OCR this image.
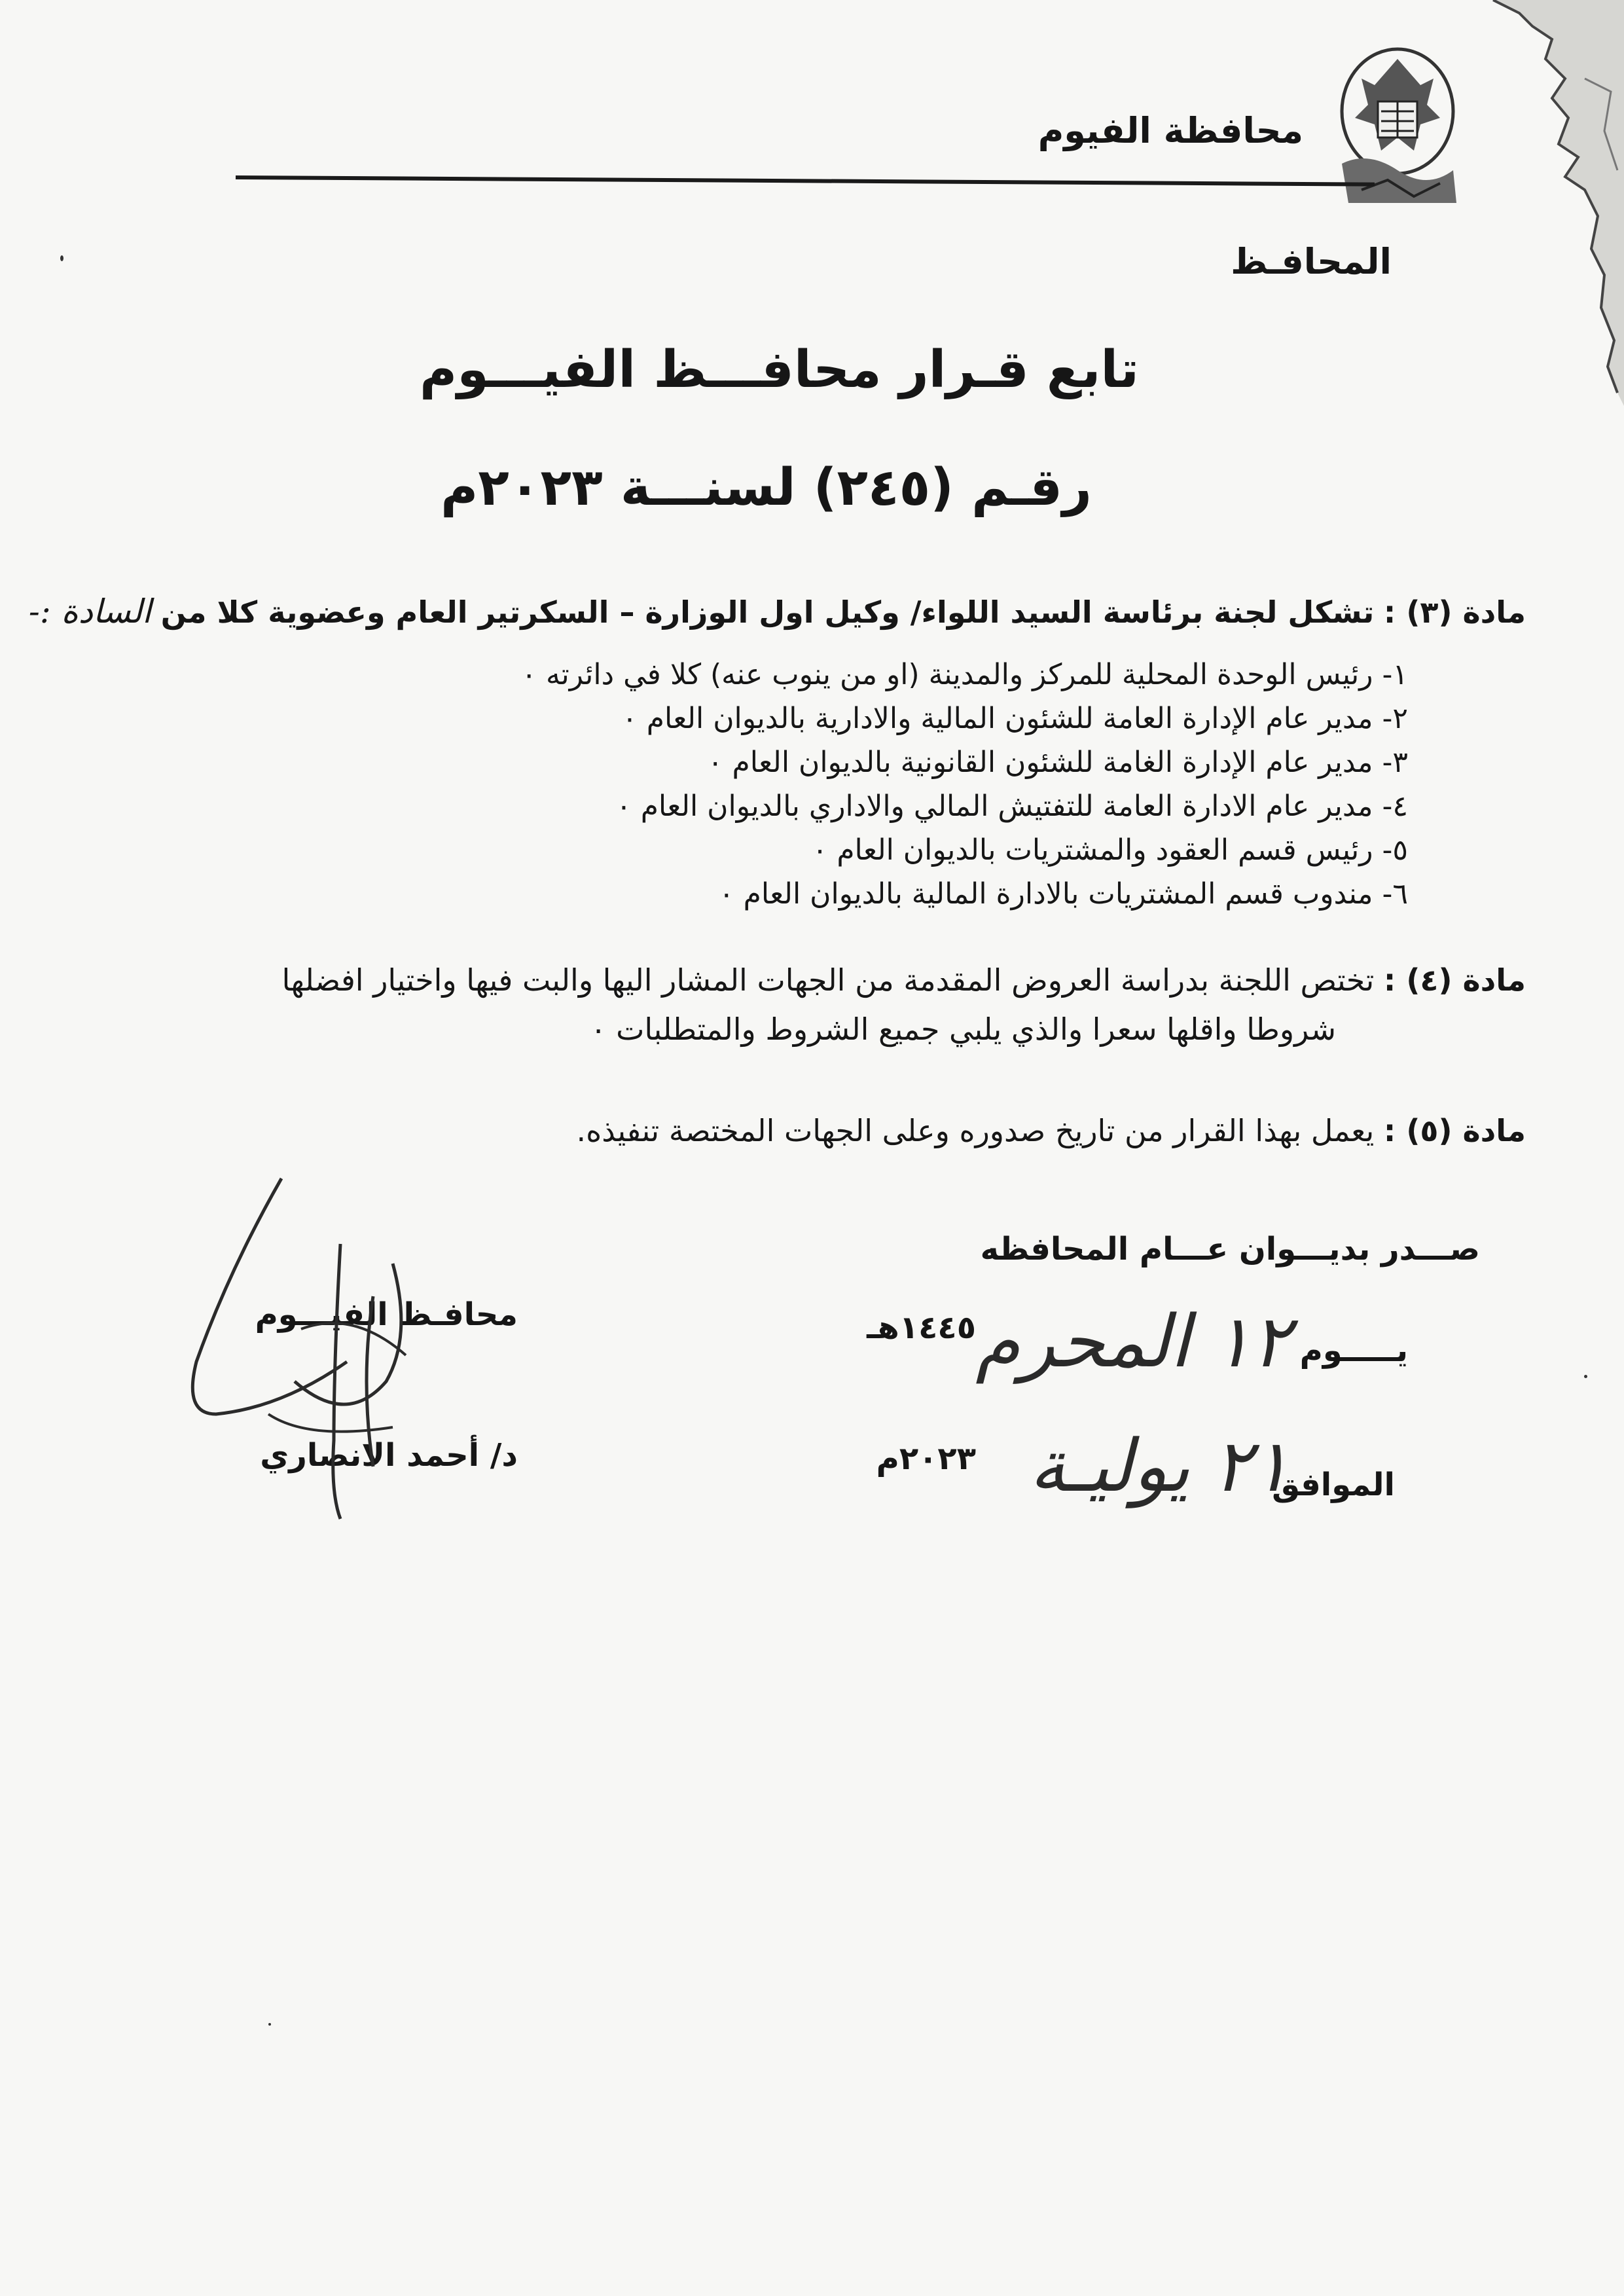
محافظة الفيوم
المحافـظ
تابع قـرار محافـــظ الفيـــوم
رقـم (٢٤٥) لسنـــة ٢٠٢٣م
مادة (٣) : تشكل لجنة برئاسة السيد اللواء/ وكيل اول الوزارة – السكرتير العام وعضوية كلا من السادة :-
١- رئيس الوحدة المحلية للمركز والمدينة (او من ينوب عنه) كلا في دائرته ٠
٢- مدير عام الإدارة العامة للشئون المالية والادارية بالديوان العام ٠
٣- مدير عام الإدارة الغامة للشئون القانونية بالديوان العام ٠
٤- مدير عام الادارة العامة للتفتيش المالي والاداري بالديوان العام ٠
٥- رئيس قسم العقود والمشتريات بالديوان العام ٠
٦- مندوب قسم المشتريات بالادارة المالية بالديوان العام ٠
مادة (٤) : تختص اللجنة بدراسة العروض المقدمة من الجهات المشار اليها والبت فيها واختيار افضلها
شروطا واقلها سعرا والذي يلبي جميع الشروط والمتطلبات ٠
مادة (٥) : يعمل بهذا القرار من تاريخ صدوره وعلى الجهات المختصة تنفيذه.
صـــدر بديـــوان عـــام المحافظه
يـــــوم
١٢ المحرم
١٤٤٥هـ
الموافق
٢١ يوليـة
٢٠٢٣م
محافـظ الفيـــوم
د/ أحمد الانصاري
